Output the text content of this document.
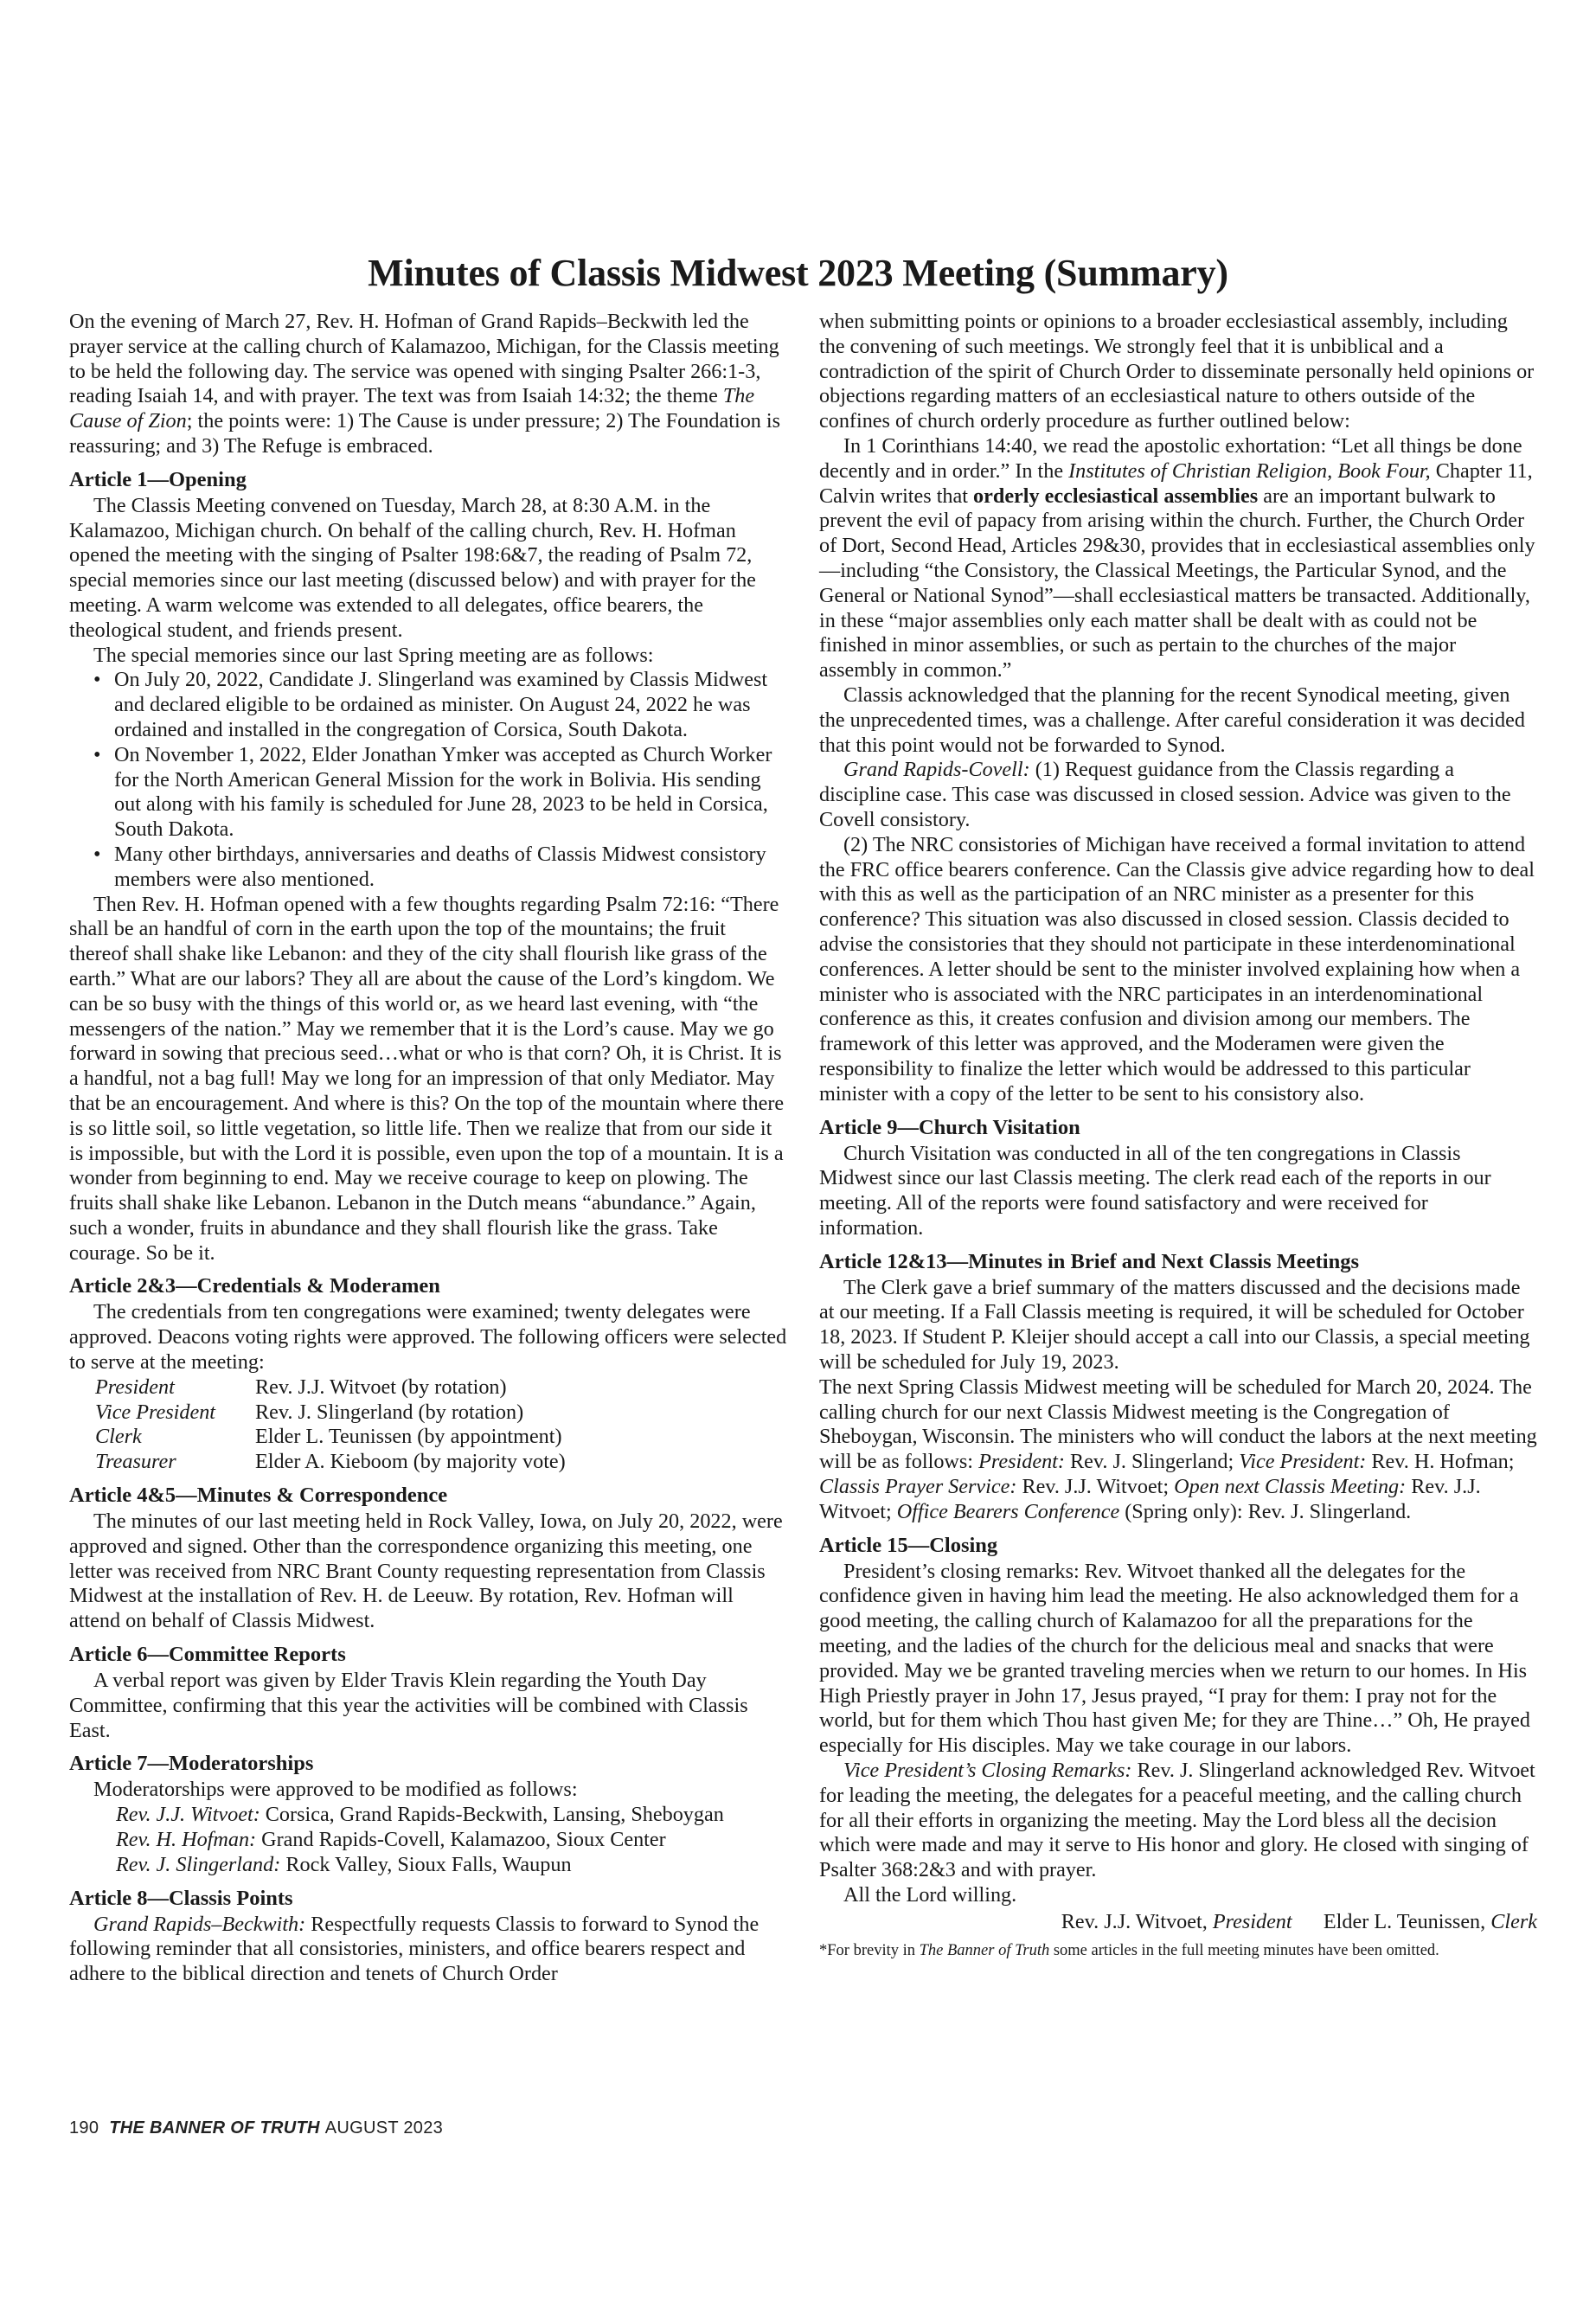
Minutes of Classis Midwest 2023 Meeting (Summary)

On the evening of March 27, Rev. H. Hofman of Grand Rapids–Beckwith led the prayer service at the calling church of Kalamazoo, Michigan, for the Classis meeting to be held the following day. The service was opened with singing Psalter 266:1-3, reading Isaiah 14, and with prayer. The text was from Isaiah 14:32; the theme The Cause of Zion; the points were: 1) The Cause is under pressure; 2) The Foundation is reassuring; and 3) The Refuge is embraced.

Article 1—Opening

The Classis Meeting convened on Tuesday, March 28, at 8:30 A.M. in the Kalamazoo, Michigan church. On behalf of the calling church, Rev. H. Hofman opened the meeting with the singing of Psalter 198:6&7, the reading of Psalm 72, special memories since our last meeting (discussed below) and with prayer for the meeting. A warm welcome was extended to all delegates, office bearers, the theological student, and friends present.

The special memories since our last Spring meeting are as follows:

• On July 20, 2022, Candidate J. Slingerland was examined by Classis Midwest and declared eligible to be ordained as minister. On August 24, 2022 he was ordained and installed in the congregation of Corsica, South Dakota.
• On November 1, 2022, Elder Jonathan Ymker was accepted as Church Worker for the North American General Mission for the work in Bolivia. His sending out along with his family is scheduled for June 28, 2023 to be held in Corsica, South Dakota.
• Many other birthdays, anniversaries and deaths of Classis Midwest consistory members were also mentioned.

Then Rev. H. Hofman opened with a few thoughts regarding Psalm 72:16: “There shall be an handful of corn in the earth upon the top of the mountains; the fruit thereof shall shake like Lebanon: and they of the city shall flourish like grass of the earth.” What are our labors? They all are about the cause of the Lord’s kingdom. We can be so busy with the things of this world or, as we heard last evening, with “the messengers of the nation.” May we remember that it is the Lord’s cause. May we go forward in sowing that precious seed…what or who is that corn? Oh, it is Christ. It is a handful, not a bag full! May we long for an impression of that only Mediator. May that be an encouragement. And where is this? On the top of the mountain where there is so little soil, so little vegetation, so little life. Then we realize that from our side it is impossible, but with the Lord it is possible, even upon the top of a mountain. It is a wonder from beginning to end. May we receive courage to keep on plowing. The fruits shall shake like Lebanon. Lebanon in the Dutch means “abundance.” Again, such a wonder, fruits in abundance and they shall flourish like the grass. Take courage. So be it.

Article 2&3—Credentials & Moderamen

The credentials from ten congregations were examined; twenty delegates were approved. Deacons voting rights were approved. The following officers were selected to serve at the meeting:

President	Rev. J.J. Witvoet (by rotation)
Vice President	Rev. J. Slingerland (by rotation)
Clerk	Elder L. Teunissen (by appointment)
Treasurer	Elder A. Kieboom (by majority vote)
Article 4&5—Minutes & Correspondence

The minutes of our last meeting held in Rock Valley, Iowa, on July 20, 2022, were approved and signed. Other than the correspondence organizing this meeting, one letter was received from NRC Brant County requesting representation from Classis Midwest at the installation of Rev. H. de Leeuw. By rotation, Rev. Hofman will attend on behalf of Classis Midwest.

Article 6—Committee Reports

A verbal report was given by Elder Travis Klein regarding the Youth Day Committee, confirming that this year the activities will be combined with Classis East.

Article 7—Moderatorships

Moderatorships were approved to be modified as follows:

Rev. J.J. Witvoet: Corsica, Grand Rapids-Beckwith, Lansing, Sheboygan
Rev. H. Hofman: Grand Rapids-Covell, Kalamazoo, Sioux Center
Rev. J. Slingerland: Rock Valley, Sioux Falls, Waupun
Article 8—Classis Points

Grand Rapids–Beckwith: Respectfully requests Classis to forward to Synod the following reminder that all consistories, ministers, and office bearers respect and adhere to the biblical direction and tenets of Church Order

when submitting points or opinions to a broader ecclesiastical assembly, including the convening of such meetings. We strongly feel that it is unbiblical and a contradiction of the spirit of Church Order to disseminate personally held opinions or objections regarding matters of an ecclesiastical nature to others outside of the confines of church orderly procedure as further outlined below:

In 1 Corinthians 14:40, we read the apostolic exhortation: “Let all things be done decently and in order.” In the Institutes of Christian Religion, Book Four, Chapter 11, Calvin writes that orderly ecclesiastical assemblies are an important bulwark to prevent the evil of papacy from arising within the church. Further, the Church Order of Dort, Second Head, Articles 29&30, provides that in ecclesiastical assemblies only—including “the Consistory, the Classical Meetings, the Particular Synod, and the General or National Synod”—shall ecclesiastical matters be transacted. Additionally, in these “major assemblies only each matter shall be dealt with as could not be finished in minor assemblies, or such as pertain to the churches of the major assembly in common.”

Classis acknowledged that the planning for the recent Synodical meeting, given the unprecedented times, was a challenge. After careful consideration it was decided that this point would not be forwarded to Synod.

Grand Rapids-Covell: (1) Request guidance from the Classis regarding a discipline case. This case was discussed in closed session. Advice was given to the Covell consistory.

(2) The NRC consistories of Michigan have received a formal invitation to attend the FRC office bearers conference. Can the Classis give advice regarding how to deal with this as well as the participation of an NRC minister as a presenter for this conference? This situation was also discussed in closed session. Classis decided to advise the consistories that they should not participate in these interdenominational conferences. A letter should be sent to the minister involved explaining how when a minister who is associated with the NRC participates in an interdenominational conference as this, it creates confusion and division among our members. The framework of this letter was approved, and the Moderamen were given the responsibility to finalize the letter which would be addressed to this particular minister with a copy of the letter to be sent to his consistory also.

Article 9—Church Visitation

Church Visitation was conducted in all of the ten congregations in Classis Midwest since our last Classis meeting. The clerk read each of the reports in our meeting. All of the reports were found satisfactory and were received for information.

Article 12&13—Minutes in Brief and Next Classis Meetings

The Clerk gave a brief summary of the matters discussed and the decisions made at our meeting. If a Fall Classis meeting is required, it will be scheduled for October 18, 2023. If Student P. Kleijer should accept a call into our Classis, a special meeting will be scheduled for July 19, 2023.

The next Spring Classis Midwest meeting will be scheduled for March 20, 2024. The calling church for our next Classis Midwest meeting is the Congregation of Sheboygan, Wisconsin. The ministers who will conduct the labors at the next meeting will be as follows: President: Rev. J. Slingerland; Vice President: Rev. H. Hofman; Classis Prayer Service: Rev. J.J. Witvoet; Open next Classis Meeting: Rev. J.J. Witvoet; Office Bearers Conference (Spring only): Rev. J. Slingerland.

Article 15—Closing

President’s closing remarks: Rev. Witvoet thanked all the delegates for the confidence given in having him lead the meeting. He also acknowledged them for a good meeting, the calling church of Kalamazoo for all the preparations for the meeting, and the ladies of the church for the delicious meal and snacks that were provided. May we be granted traveling mercies when we return to our homes. In His High Priestly prayer in John 17, Jesus prayed, “I pray for them: I pray not for the world, but for them which Thou hast given Me; for they are Thine…” Oh, He prayed especially for His disciples. May we take courage in our labors.

Vice President’s Closing Remarks: Rev. J. Slingerland acknowledged Rev. Witvoet for leading the meeting, the delegates for a peaceful meeting, and the calling church for all their efforts in organizing the meeting. May the Lord bless all the decision which were made and may it serve to His honor and glory. He closed with singing of Psalter 368:2&3 and with prayer.

All the Lord willing.

Rev. J.J. Witvoet, President Elder L. Teunissen, Clerk

*For brevity in The Banner of Truth some articles in the full meeting minutes have been omitted.

190 THE BANNER OF TRUTH AUGUST 2023
